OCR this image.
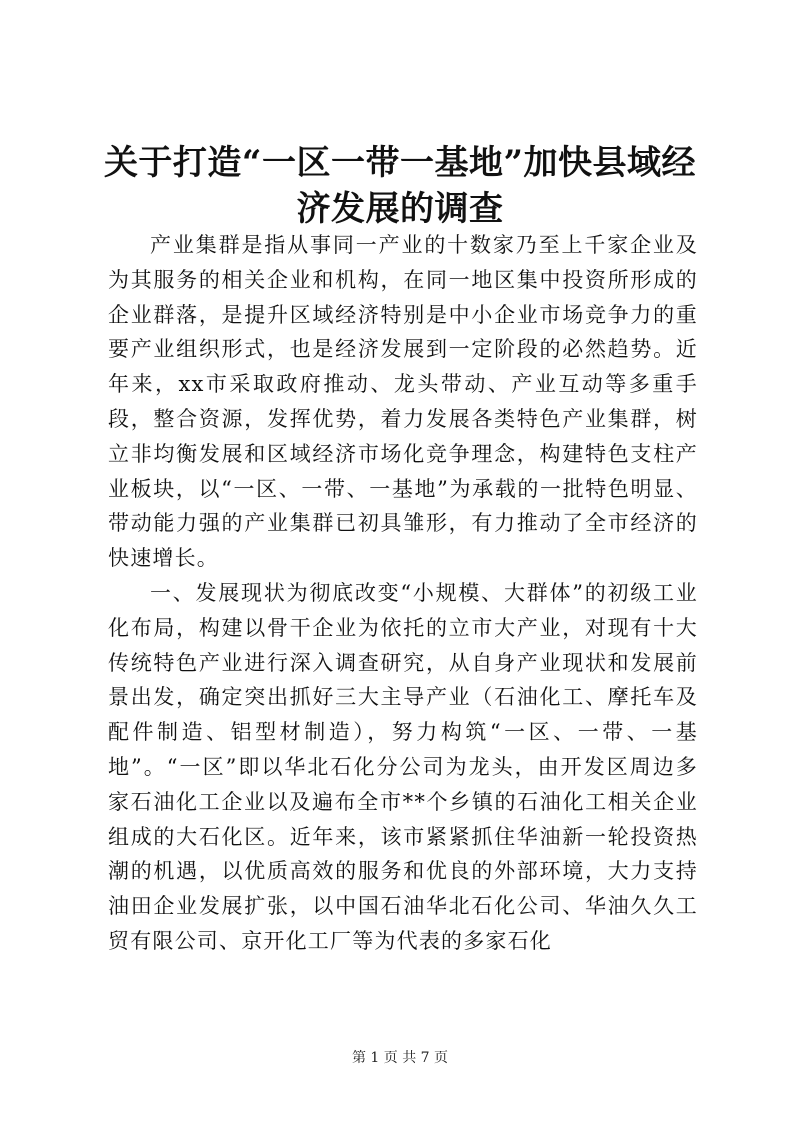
关于打造“一区一带一基地”加快县域经济发展的调查

产业集群是指从事同一产业的十数家乃至上千家企业及为其服务的相关企业和机构，在同一地区集中投资所形成的企业群落，是提升区域经济特别是中小企业市场竞争力的重要产业组织形式，也是经济发展到一定阶段的必然趋势。近年来，xx市采取政府推动、龙头带动、产业互动等多重手段，整合资源，发挥优势，着力发展各类特色产业集群，树立非均衡发展和区域经济市场化竞争理念，构建特色支柱产业板块，以“一区、一带、一基地”为承载的一批特色明显、带动能力强的产业集群已初具雏形，有力推动了全市经济的快速增长。

一、发展现状为彻底改变“小规模、大群体”的初级工业化布局，构建以骨干企业为依托的立市大产业，对现有十大传统特色产业进行深入调查研究，从自身产业现状和发展前景出发，确定突出抓好三大主导产业（石油化工、摩托车及配件制造、铝型材制造），努力构筑“一区、一带、一基地”。“一区”即以华北石化分公司为龙头，由开发区周边多家石油化工企业以及遍布全市**个乡镇的石油化工相关企业组成的大石化区。近年来，该市紧紧抓住华油新一轮投资热潮的机遇，以优质高效的服务和优良的外部环境，大力支持油田企业发展扩张，以中国石油华北石化公司、华油久久工贸有限公司、京开化工厂等为代表的多家石化

第 1 页 共 7 页
